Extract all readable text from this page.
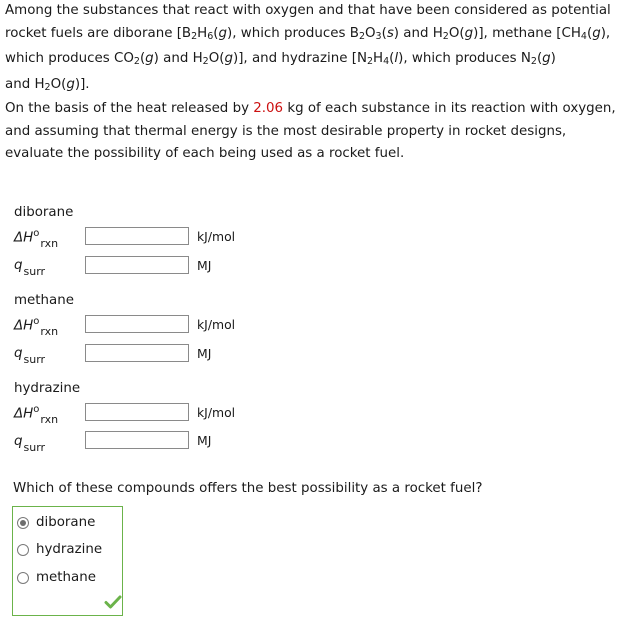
Among the substances that react with oxygen and that have been considered as potential

rocket fuels are diborane [$B_2H_6(g)$, which produces $B_2O_3(s)$ and $H_2O(g)$], methane [$CH_4(g)$,

which produces $CO_2(g)$ and $H_2O(g)$], and hydrazine [$N_2H_4(l)$, which produces $N_2(g)$

and $H_2O(g)$].

On the basis of the heat released by 2.06 kg of each substance in its reaction with oxygen,
and assuming that thermal energy is the most desirable property in rocket designs,
evaluate the possibility of each being used as a rocket fuel.
diborane
$\Delta H^o_{rxn}$	kJ/mol
$q_{surr}$	MJ
methane
$\Delta H^o_{rxn}$	kJ/mol
$q_{surr}$	MJ
hydrazine
$\Delta H^o_{rxn}$	kJ/mol
$q_{surr}$	MJ
Which of these compounds offers the best possibility as a rocket fuel?
diborane
hydrazine
methane
